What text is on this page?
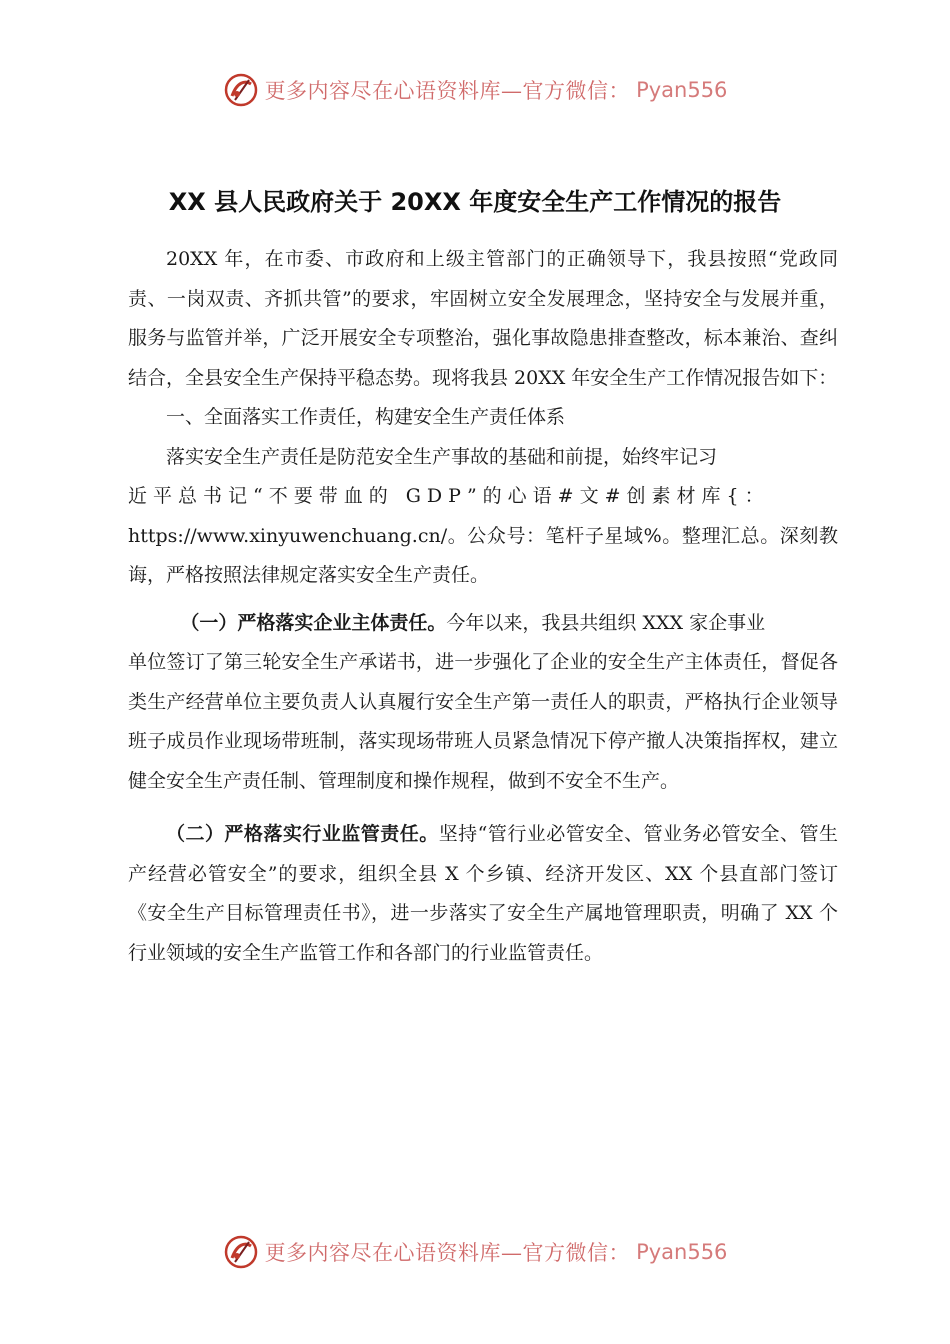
更多内容尽在心语资料库—官方微信： Pyan556
XX 县人民政府关于 20XX 年度安全生产工作情况的报告

20XX 年，在市委、市政府和上级主管部门的正确领导下，我县按照“党政同责、一岗双责、齐抓共管”的要求，牢固树立安全发展理念，坚持安全与发展并重，服务与监管并举，广泛开展安全专项整治，强化事故隐患排查整改，标本兼治、查纠结合，全县安全生产保持平稳态势。现将我县 20XX 年安全生产工作情况报告如下：

一、全面落实工作责任，构建安全生产责任体系

落实安全生产责任是防范安全生产事故的基础和前提，始终牢记习

近平总书记“不要带血的 GDP”的心语#文#创素材库{：

https://www.xinyuwenchuang.cn/。公众号：笔杆子星域%。整理汇总。深刻教诲，严格按照法律规定落实安全生产责任。

（一）严格落实企业主体责任。今年以来，我县共组织 XXX 家企事业

单位签订了第三轮安全生产承诺书，进一步强化了企业的安全生产主体责任，督促各类生产经营单位主要负责人认真履行安全生产第一责任人的职责，严格执行企业领导班子成员作业现场带班制，落实现场带班人员紧急情况下停产撤人决策指挥权，建立健全安全生产责任制、管理制度和操作规程，做到不安全不生产。

（二）严格落实行业监管责任。坚持“管行业必管安全、管业务必管安全、管生产经营必管安全”的要求，组织全县 X 个乡镇、经济开发区、XX 个县直部门签订《安全生产目标管理责任书》，进一步落实了安全生产属地管理职责，明确了 XX 个行业领域的安全生产监管工作和各部门的行业监管责任。

更多内容尽在心语资料库—官方微信： Pyan556
